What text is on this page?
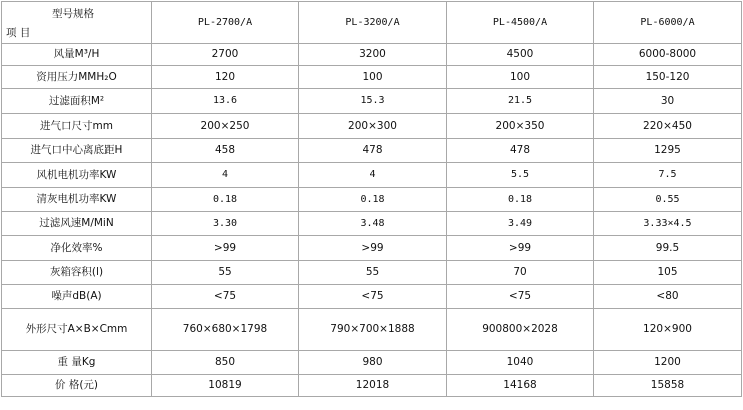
型号规格
项 目	PL-2700/A	PL-3200/A	PL-4500/A	PL-6000/A
风量M³/H	2700	3200	4500	6000-8000
资用压力MMH₂O	120	100	100	150-120
过滤面积M²	13.6	15.3	21.5	30
进气口尺寸mm	200×250	200×300	200×350	220×450
进气口中心离底距H	458	478	478	1295
风机电机功率KW	4	4	5.5	7.5
清灰电机功率KW	0.18	0.18	0.18	0.55
过滤风速M/MiN	3.30	3.48	3.49	3.33×4.5
净化效率%	>99	>99	>99	99.5
灰箱容积(l)	55	55	70	105
噪声dB(A)	<75	<75	<75	<80
外形尺寸A×B×Cmm	760×680×1798	790×700×1888	900800×2028	120×900
重 量Kg	850	980	1040	1200
价 格(元)	10819	12018	14168	15858
